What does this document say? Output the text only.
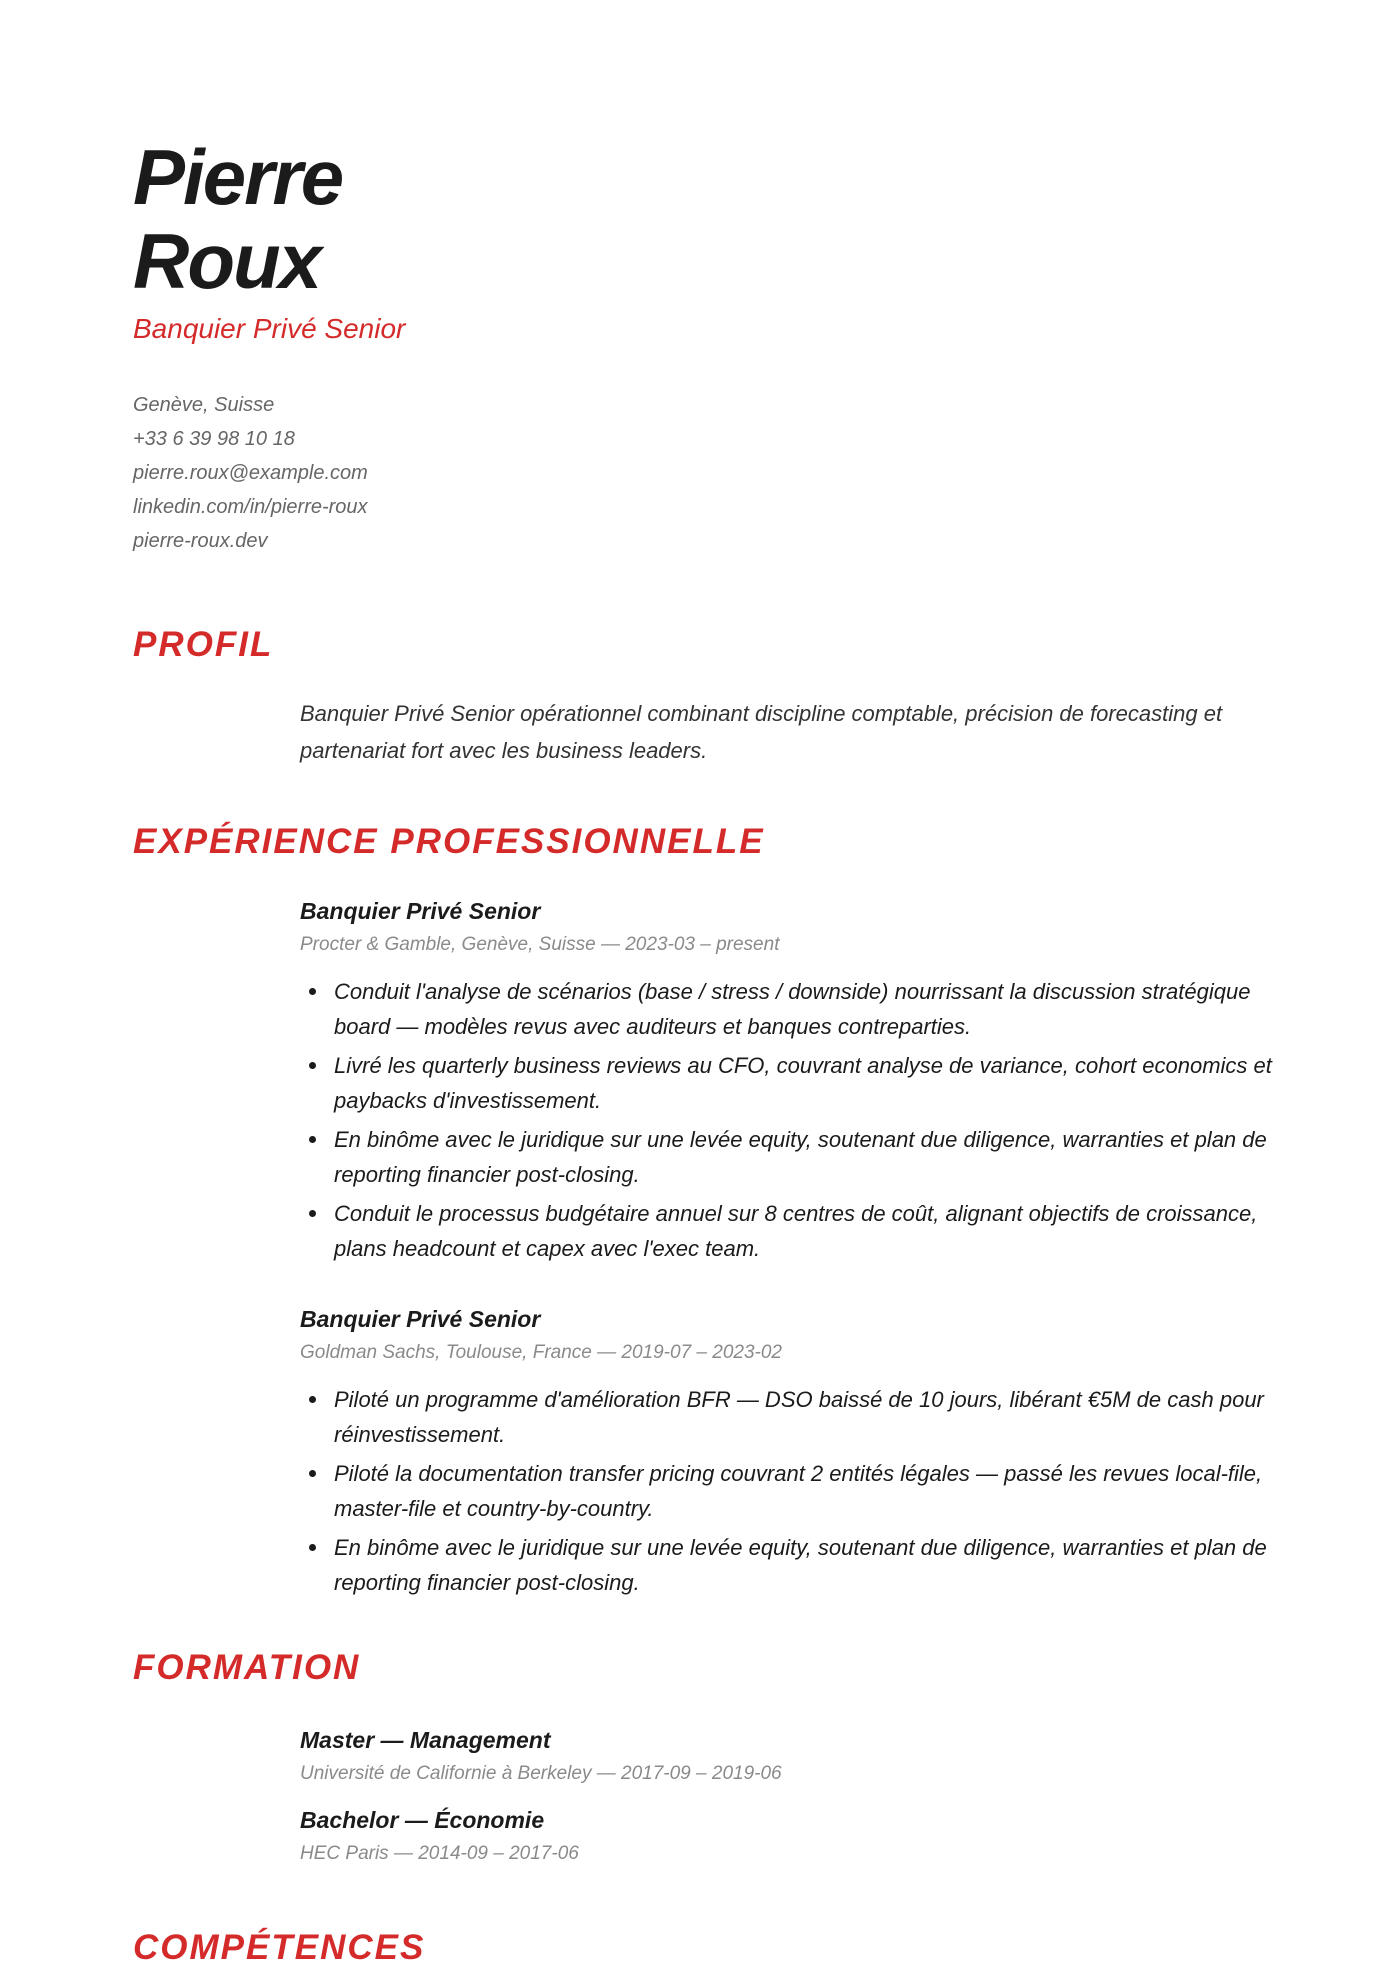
Pierre
Roux
Banquier Privé Senior
Genève, Suisse
+33 6 39 98 10 18
pierre.roux@example.com
linkedin.com/in/pierre-roux
pierre-roux.dev
PROFIL

Banquier Privé Senior opérationnel combinant discipline comptable, précision de forecasting et partenariat fort avec les business leaders.

EXPÉRIENCE PROFESSIONNELLE
Banquier Privé Senior
Procter & Gamble, Genève, Suisse — 2023-03 – present
Conduit l'analyse de scénarios (base / stress / downside) nourrissant la discussion stratégique board — modèles revus avec auditeurs et banques contreparties.
Livré les quarterly business reviews au CFO, couvrant analyse de variance, cohort economics et paybacks d'investissement.
En binôme avec le juridique sur une levée equity, soutenant due diligence, warranties et plan de reporting financier post-closing.
Conduit le processus budgétaire annuel sur 8 centres de coût, alignant objectifs de croissance, plans headcount et capex avec l'exec team.
Banquier Privé Senior
Goldman Sachs, Toulouse, France — 2019-07 – 2023-02
Piloté un programme d'amélioration BFR — DSO baissé de 10 jours, libérant €5M de cash pour réinvestissement.
Piloté la documentation transfer pricing couvrant 2 entités légales — passé les revues local-file, master-file et country-by-country.
En binôme avec le juridique sur une levée equity, soutenant due diligence, warranties et plan de reporting financier post-closing.
FORMATION
Master — Management
Université de Californie à Berkeley — 2017-09 – 2019-06
Bachelor — Économie
HEC Paris — 2014-09 – 2017-06
COMPÉTENCES
